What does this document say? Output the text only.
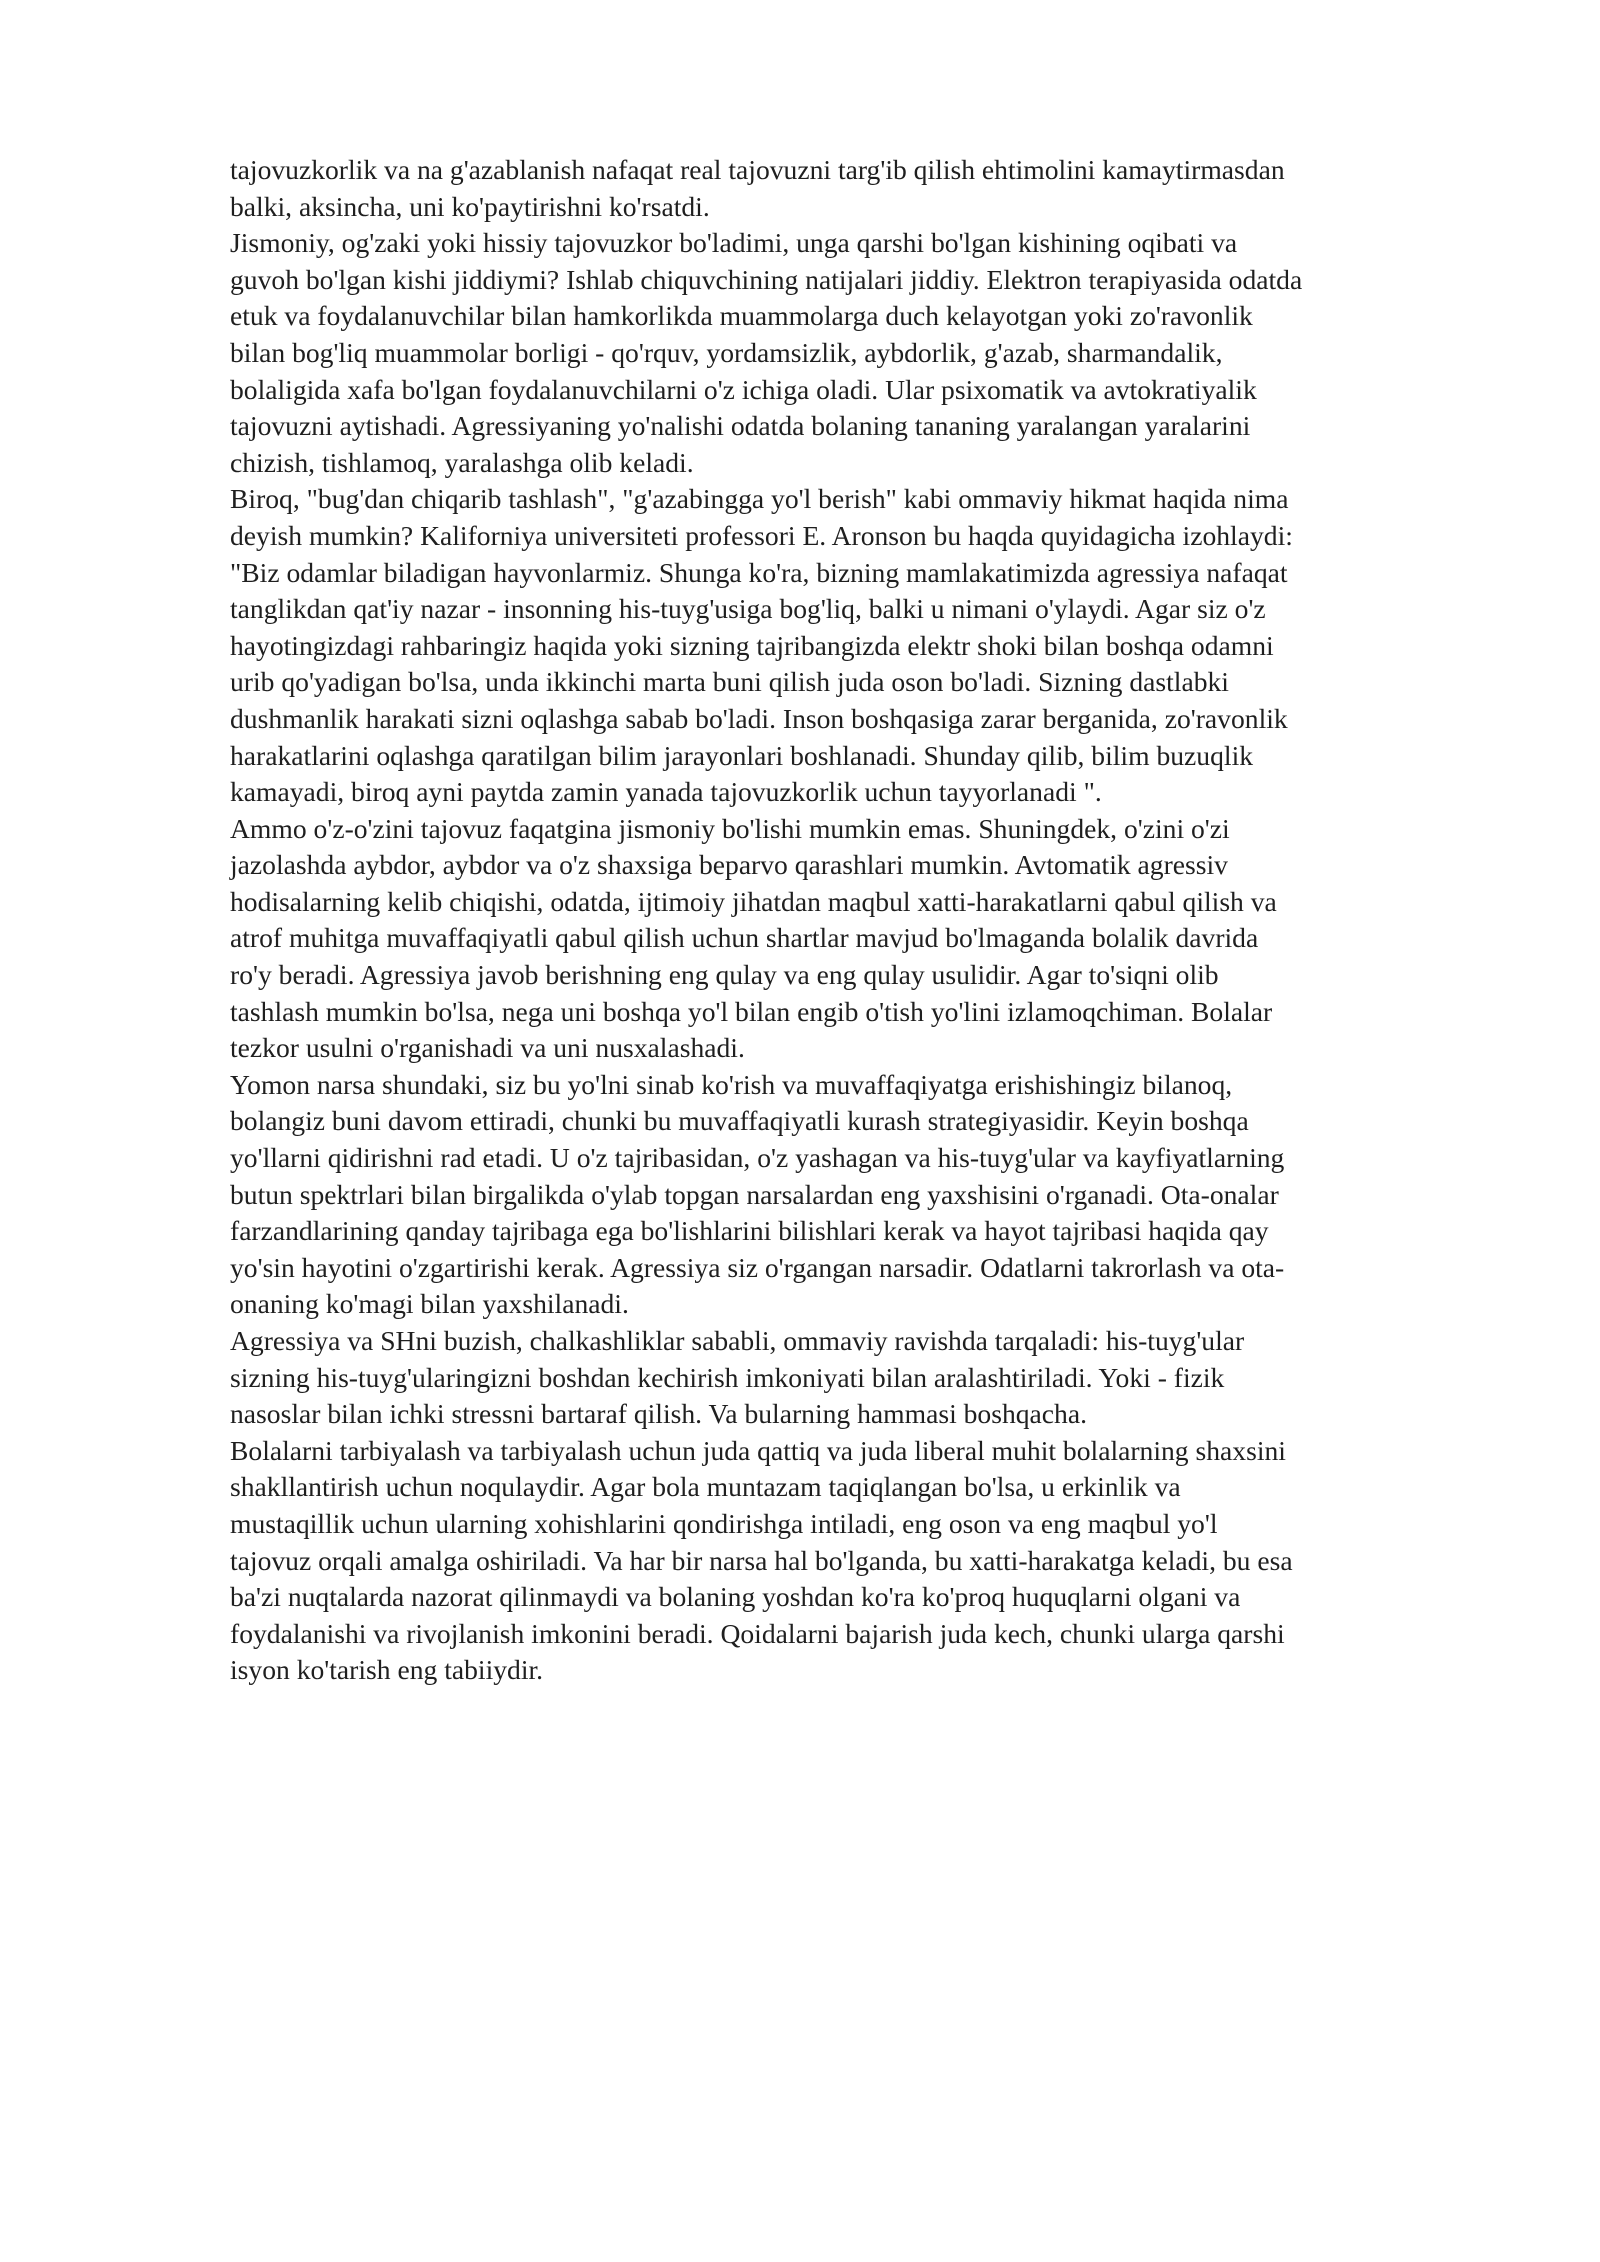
tajovuzkorlik va na g'azablanish nafaqat real tajovuzni targ'ib qilish ehtimolini kamaytirmasdan
balki, aksincha, uni ko'paytirishni ko'rsatdi.

Jismoniy, og'zaki yoki hissiy tajovuzkor bo'ladimi, unga qarshi bo'lgan kishining oqibati va
guvoh bo'lgan kishi jiddiymi? Ishlab chiquvchining natijalari jiddiy. Elektron terapiyasida odatda
etuk va foydalanuvchilar bilan hamkorlikda muammolarga duch kelayotgan yoki zo'ravonlik
bilan bog'liq muammolar borligi - qo'rquv, yordamsizlik, aybdorlik, g'azab, sharmandalik,
bolaligida xafa bo'lgan foydalanuvchilarni o'z ichiga oladi. Ular psixomatik va avtokratiyalik
tajovuzni aytishadi. Agressiyaning yo'nalishi odatda bolaning tananing yaralangan yaralarini
chizish, tishlamoq, yaralashga olib keladi.

Biroq, "bug'dan chiqarib tashlash", "g'azabingga yo'l berish" kabi ommaviy hikmat haqida nima
deyish mumkin? Kaliforniya universiteti professori E. Aronson bu haqda quyidagicha izohlaydi:
"Biz odamlar biladigan hayvonlarmiz. Shunga ko'ra, bizning mamlakatimizda agressiya nafaqat
tanglikdan qat'iy nazar - insonning his-tuyg'usiga bog'liq, balki u nimani o'ylaydi. Agar siz o'z
hayotingizdagi rahbaringiz haqida yoki sizning tajribangizda elektr shoki bilan boshqa odamni
urib qo'yadigan bo'lsa, unda ikkinchi marta buni qilish juda oson bo'ladi. Sizning dastlabki
dushmanlik harakati sizni oqlashga sabab bo'ladi. Inson boshqasiga zarar berganida, zo'ravonlik
harakatlarini oqlashga qaratilgan bilim jarayonlari boshlanadi. Shunday qilib, bilim buzuqlik
kamayadi, biroq ayni paytda zamin yanada tajovuzkorlik uchun tayyorlanadi ".

Ammo o'z-o'zini tajovuz faqatgina jismoniy bo'lishi mumkin emas. Shuningdek, o'zini o'zi
jazolashda aybdor, aybdor va o'z shaxsiga beparvo qarashlari mumkin. Avtomatik agressiv
hodisalarning kelib chiqishi, odatda, ijtimoiy jihatdan maqbul xatti-harakatlarni qabul qilish va
atrof muhitga muvaffaqiyatli qabul qilish uchun shartlar mavjud bo'lmaganda bolalik davrida
ro'y beradi. Agressiya javob berishning eng qulay va eng qulay usulidir. Agar to'siqni olib
tashlash mumkin bo'lsa, nega uni boshqa yo'l bilan engib o'tish yo'lini izlamoqchiman. Bolalar
tezkor usulni o'rganishadi va uni nusxalashadi.

Yomon narsa shundaki, siz bu yo'lni sinab ko'rish va muvaffaqiyatga erishishingiz bilanoq,
bolangiz buni davom ettiradi, chunki bu muvaffaqiyatli kurash strategiyasidir. Keyin boshqa
yo'llarni qidirishni rad etadi. U o'z tajribasidan, o'z yashagan va his-tuyg'ular va kayfiyatlarning
butun spektrlari bilan birgalikda o'ylab topgan narsalardan eng yaxshisini o'rganadi. Ota-onalar
farzandlarining qanday tajribaga ega bo'lishlarini bilishlari kerak va hayot tajribasi haqida qay
yo'sin hayotini o'zgartirishi kerak. Agressiya siz o'rgangan narsadir. Odatlarni takrorlash va ota-
onaning ko'magi bilan yaxshilanadi.

Agressiya va SHni buzish, chalkashliklar sababli, ommaviy ravishda tarqaladi: his-tuyg'ular
sizning his-tuyg'ularingizni boshdan kechirish imkoniyati bilan aralashtiriladi. Yoki - fizik
nasoslar bilan ichki stressni bartaraf qilish. Va bularning hammasi boshqacha.

Bolalarni tarbiyalash va tarbiyalash uchun juda qattiq va juda liberal muhit bolalarning shaxsini
shakllantirish uchun noqulaydir. Agar bola muntazam taqiqlangan bo'lsa, u erkinlik va
mustaqillik uchun ularning xohishlarini qondirishga intiladi, eng oson va eng maqbul yo'l
tajovuz orqali amalga oshiriladi. Va har bir narsa hal bo'lganda, bu xatti-harakatga keladi, bu esa
ba'zi nuqtalarda nazorat qilinmaydi va bolaning yoshdan ko'ra ko'proq huquqlarni olgani va
foydalanishi va rivojlanish imkonini beradi. Qoidalarni bajarish juda kech, chunki ularga qarshi
isyon ko'tarish eng tabiiydir.
